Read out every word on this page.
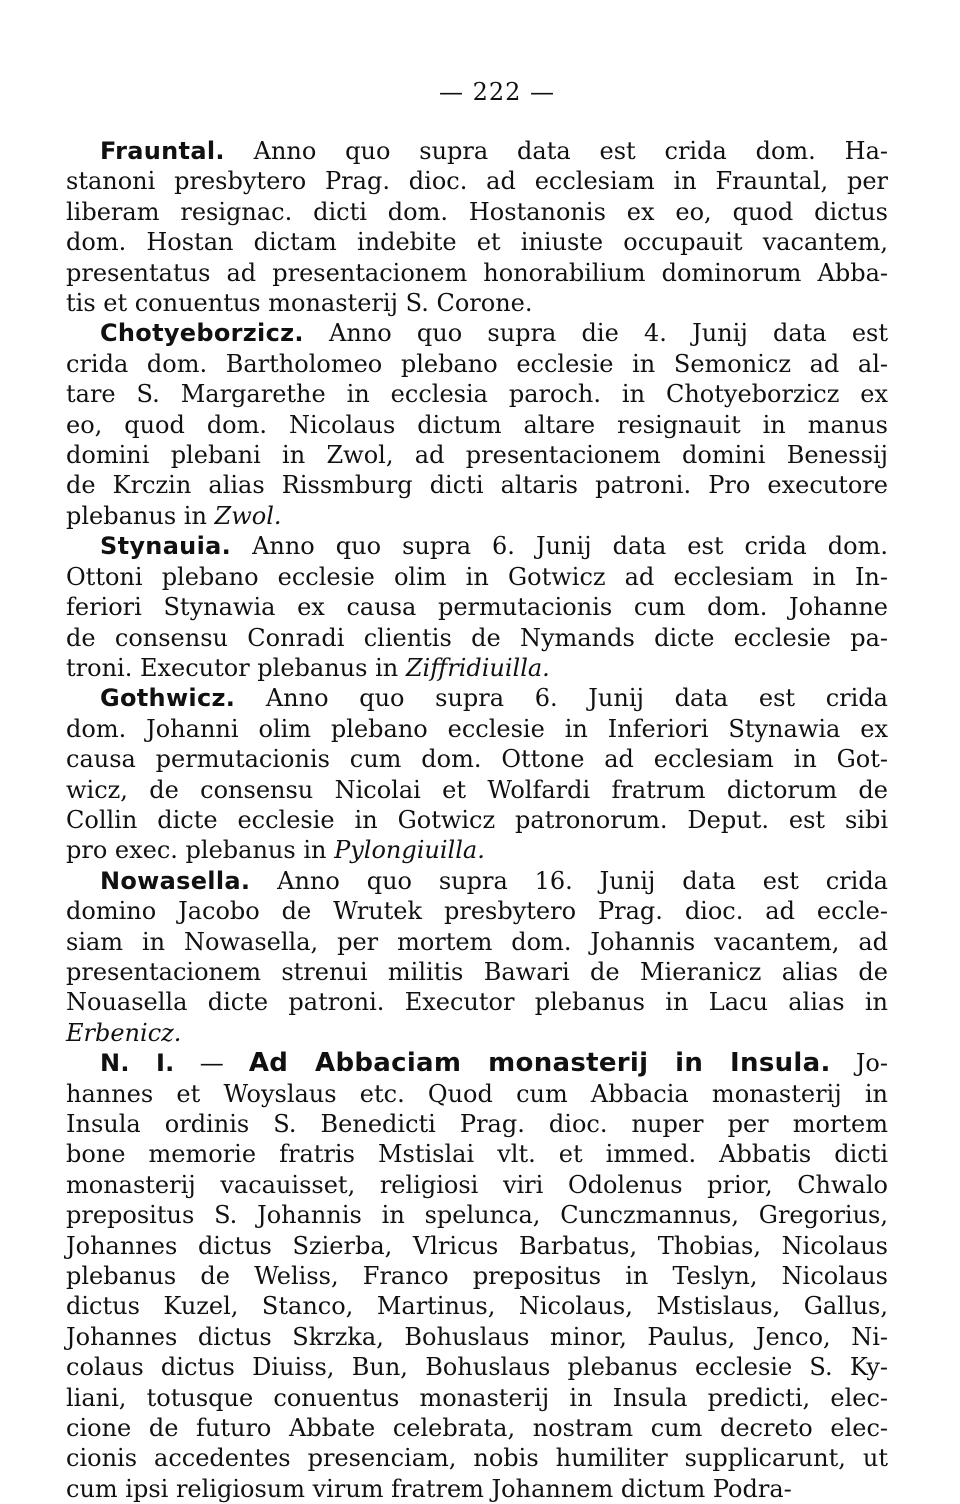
— 222 —
Frauntal. Anno quo supra data est crida dom. Ha-
stanoni presbytero Prag. dioc. ad ecclesiam in Frauntal, per
liberam resignac. dicti dom. Hostanonis ex eo, quod dictus
dom. Hostan dictam indebite et iniuste occupauit vacantem,
presentatus ad presentacionem honorabilium dominorum Abba-
tis et conuentus monasterij S. Corone.
Chotyeborzicz. Anno quo supra die 4. Junij data est
crida dom. Bartholomeo plebano ecclesie in Semonicz ad al-
tare S. Margarethe in ecclesia paroch. in Chotyeborzicz ex
eo, quod dom. Nicolaus dictum altare resignauit in manus
domini plebani in Zwol, ad presentacionem domini Benessij
de Krczin alias Rissmburg dicti altaris patroni. Pro executore
plebanus in Zwol.
Stynauia. Anno quo supra 6. Junij data est crida dom.
Ottoni plebano ecclesie olim in Gotwicz ad ecclesiam in In-
feriori Stynawia ex causa permutacionis cum dom. Johanne
de consensu Conradi clientis de Nymands dicte ecclesie pa-
troni. Executor plebanus in Ziffridiuilla.
Gothwicz. Anno quo supra 6. Junij data est crida
dom. Johanni olim plebano ecclesie in Inferiori Stynawia ex
causa permutacionis cum dom. Ottone ad ecclesiam in Got-
wicz, de consensu Nicolai et Wolfardi fratrum dictorum de
Collin dicte ecclesie in Gotwicz patronorum. Deput. est sibi
pro exec. plebanus in Pylongiuilla.
Nowasella. Anno quo supra 16. Junij data est crida
domino Jacobo de Wrutek presbytero Prag. dioc. ad eccle-
siam in Nowasella, per mortem dom. Johannis vacantem, ad
presentacionem strenui militis Bawari de Mieranicz alias de
Nouasella dicte patroni. Executor plebanus in Lacu alias in
Erbenicz.
N. I. — Ad Abbaciam monasterij in Insula. Jo-
hannes et Woyslaus etc. Quod cum Abbacia monasterij in
Insula ordinis S. Benedicti Prag. dioc. nuper per mortem
bone memorie fratris Mstislai vlt. et immed. Abbatis dicti
monasterij vacauisset, religiosi viri Odolenus prior, Chwalo
prepositus S. Johannis in spelunca, Cunczmannus, Gregorius,
Johannes dictus Szierba, Vlricus Barbatus, Thobias, Nicolaus
plebanus de Weliss, Franco prepositus in Teslyn, Nicolaus
dictus Kuzel, Stanco, Martinus, Nicolaus, Mstislaus, Gallus,
Johannes dictus Skrzka, Bohuslaus minor, Paulus, Jenco, Ni-
colaus dictus Diuiss, Bun, Bohuslaus plebanus ecclesie S. Ky-
liani, totusque conuentus monasterij in Insula predicti, elec-
cione de futuro Abbate celebrata, nostram cum decreto elec-
cionis accedentes presenciam, nobis humiliter supplicarunt, ut
cum ipsi religiosum virum fratrem Johannem dictum Podra-
